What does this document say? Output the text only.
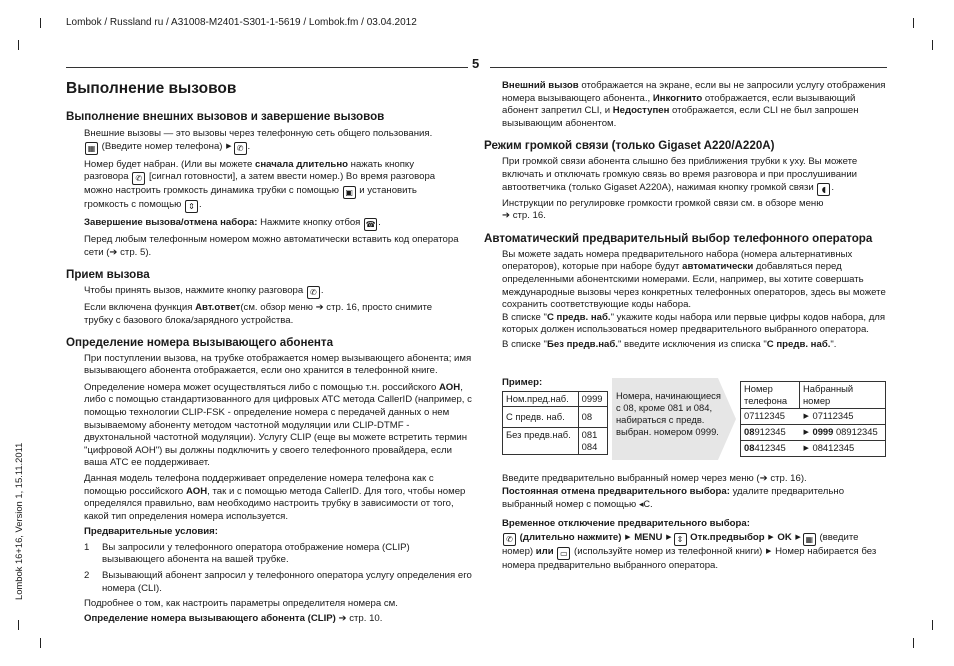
Lombok / Russland ru / A31008-M2401-S301-1-5619 / Lombok.fm / 03.04.2012
Lombok 16+16, Version 1, 15.11.2011
5
Выполнение вызовов
Выполнение внешних вызовов и завершение вызовов

Внешние вызовы — это вызовы через телефонную сеть общего пользования.

▦ (Введите номер телефона) ▶ ✆ .

Номер будет набран. (Или вы можете сначала длительно нажать кнопку
разговора ✆ [сигнал готовности], а затем ввести номер.) Во время разговора
можно настроить громкость динамика трубки с помощью ▣ и установить
громкость с помощью ⇕ .

Завершение вызова/отмена набора: Нажмите кнопку отбоя ☎ .

Перед любым телефонным номером можно автоматически вставить код оператора сети (➔ стр. 5).

Прием вызова

Чтобы принять вызов, нажмите кнопку разговора ✆ .

Если включена функция Авт.ответ(см. обзор меню ➔ стр. 16, просто снимите
трубку с базового блока/зарядного устройства.

Определение номера вызывающего абонента

При поступлении вызова, на трубке отображается номер вызывающего абонента; имя вызывающего абонента отображается, если оно хранится в телефонной книге.

Определение номера может осуществляться либо с помощью т.н. российского АОН, либо с помощью стандартизованного для цифровых АТС метода CallerID (например, с помощью технологии CLIP-FSK - определение номера с передачей данных о нем вызываемому абоненту методом частотной модуляции или CLIP-DTMF - двухтональной частотной модуляции). Услугу CLIP (еще вы можете встретить термин "цифровой АОН") вы должны подключить у своего телефонного провайдера, если ваша АТС ее поддерживает.

Данная модель телефона поддерживает определение номера телефона как с помощью российского АОН, так и с помощью метода CallerID. Для того, чтобы номер определялся правильно, вам необходимо настроить трубку в зависимости от того, какой тип определения номера используется.

Предварительные условия:

1	Вы запросили у телефонного оператора отображение номера (CLIP) вызывающего абонента на вашей трубке.

2	Вызывающий абонент запросил у телефонного оператора услугу определения его номера (CLI).

Подробнее о том, как настроить параметры определителя номера см.

Определение номера вызывающего абонента (CLIP) ➔ стр. 10.

Внешний вызов отображается на экране, если вы не запросили услугу отображения номера вызывающего абонента., Инкогнито отображается, если вызывающий абонент запретил CLI, и Недоступен отображается, если CLI не был запрошен вызывающим абонентом.

Режим громкой связи (только Gigaset A220/A220A)

При громкой связи абонента слышно без приближения трубки к уху. Вы можете включать и отключать громкую связь во время разговора и при прослушивании автоответчика (только Gigaset A220A), нажимая кнопку громкой связи ◖ .

Инструкции по регулировке громкости громкой связи см. в обзоре меню
➔ стр. 16.

Автоматический предварительный выбор телефонного оператора

Вы можете задать номера предварительного набора (номера альтернативных операторов), которые при наборе будут автоматически добавляться перед определенными абонентскими номерами. Если, например, вы хотите совершать международные вызовы через конкретных телефонных операторов, здесь вы можете сохранить соответствующие коды набора.

В списке "С предв. наб." укажите коды набора или первые цифры кодов набора, для которых должен использоваться номер предварительного выбранного оператора.

В списке "Без предв.наб." введите исключения из списка "С предв. наб.".

Пример:
Ном.пред.наб.	0999
С предв. наб.	08
Без предв.наб.	081
084
Номера, начинающиеся с 08, кроме 081 и 084, набираться с предв. выбран. номером 0999.
Номер телефона	Набранный номер
07112345	▶ 07112345
08912345	▶ 0999 08912345
08412345	▶ 08412345

Введите предварительно выбранный номер через меню (➔ стр. 16).

Постоянная отмена предварительного выбора: удалите предварительно выбранный номер с помощью ◂C.

Временное отключение предварительного выбора:

✆ (длительно нажмите) ▶ MENU ▶ ⇕ Отк.предвыбор ▶ OK ▶ ▦ (введите номер) или ▭ (используйте номер из телефонной книги) ▶ Номер набирается без номера предварительно выбранного оператора.
